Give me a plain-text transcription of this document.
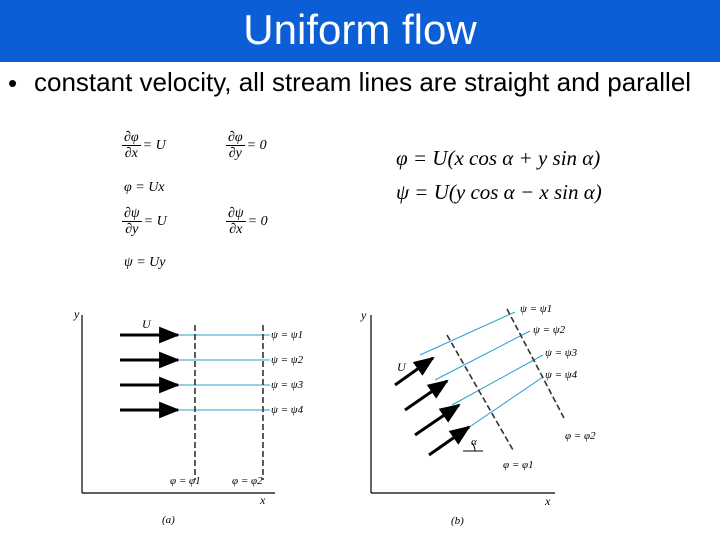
Uniform flow
• constant velocity, all stream lines are straight and parallel
$\frac{\partial\varphi}{\partial x} = U$	$\frac{\partial\varphi}{\partial y} = 0$
φ = Ux
$\frac{\partial\psi}{\partial y} = U$	$\frac{\partial\psi}{\partial x} = 0$
ψ = Uy
φ = U(x cos α + y sin α)
ψ = U(y cos α − x sin α)
y
x
U
ψ = ψ1
ψ = ψ2
ψ = ψ3
ψ = ψ4
φ = φ1	φ = φ2
(a)
y
x
U
α
ψ = ψ1
ψ = ψ2
ψ = ψ3
ψ = ψ4
φ = φ1
φ = φ2
(b)
